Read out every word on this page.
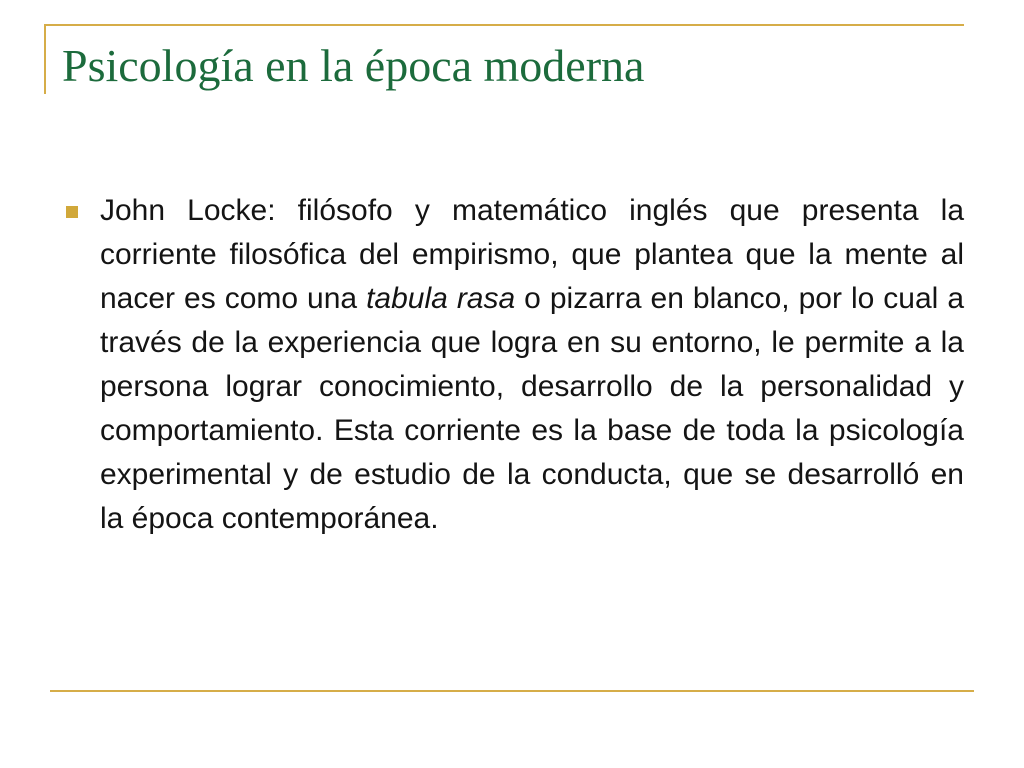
Psicología en la época moderna

John Locke: filósofo y matemático inglés que presenta la corriente filosófica del empirismo, que plantea que la mente al nacer es como una tabula rasa o pizarra en blanco, por lo cual a través de la experiencia que logra en su entorno, le permite a la persona lograr conocimiento, desarrollo de la personalidad y comportamiento. Esta corriente es la base de toda la psicología experimental y de estudio de la conducta, que se desarrolló en la época contemporánea.
